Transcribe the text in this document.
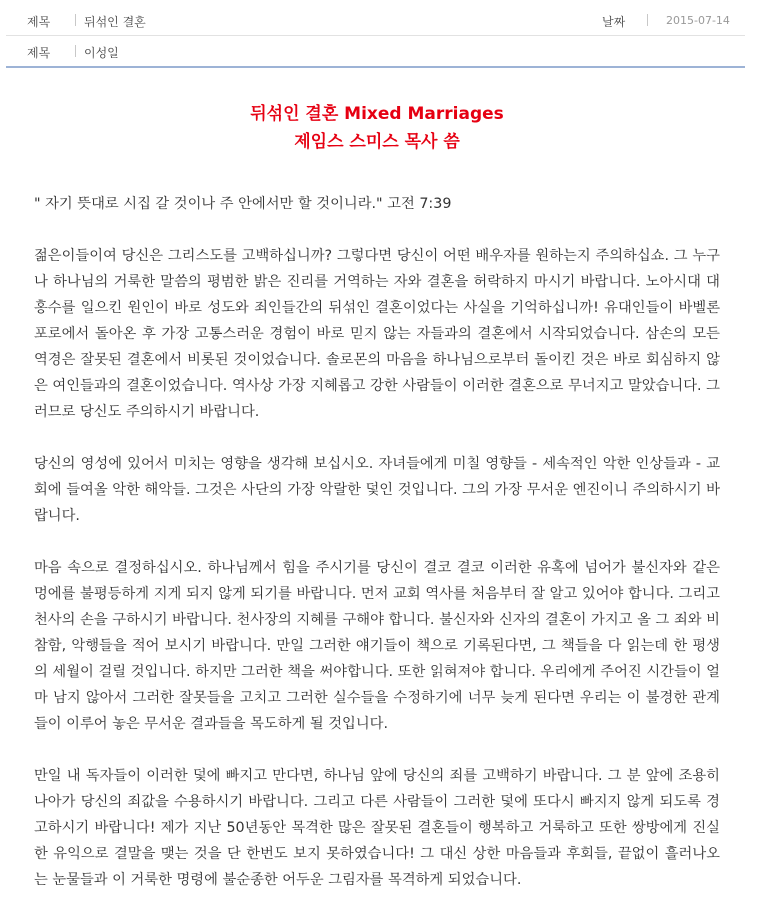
제목	뒤섞인 결혼	날짜	2015-07-14
제목	이성일
뒤섞인 결혼 Mixed Marriages
제임스 스미스 목사 씀

" 자기 뜻대로 시집 갈 것이나 주 안에서만 할 것이니라." 고전 7:39

젊은이들이여 당신은 그리스도를 고백하십니까? 그렇다면 당신이 어떤 배우자를 원하는지 주의하십쇼. 그 누구나 하나님의 거룩한 말씀의 평범한 밝은 진리를 거역하는 자와 결혼을 허락하지 마시기 바랍니다. 노아시대 대홍수를 일으킨 원인이 바로 성도와 죄인들간의 뒤섞인 결혼이었다는 사실을 기억하십니까! 유대인들이 바벨론 포로에서 돌아온 후 가장 고통스러운 경험이 바로 믿지 않는 자들과의 결혼에서 시작되었습니다. 삼손의 모든 역경은 잘못된 결혼에서 비롯된 것이었습니다. 솔로몬의 마음을 하나님으로부터 돌이킨 것은 바로 회심하지 않은 여인들과의 결혼이었습니다. 역사상 가장 지혜롭고 강한 사람들이 이러한 결혼으로 무너지고 말았습니다. 그러므로 당신도 주의하시기 바랍니다.

당신의 영성에 있어서 미치는 영향을 생각해 보십시오. 자녀들에게 미칠 영향들 - 세속적인 악한 인상들과 - 교회에 들여올 악한 해악들. 그것은 사단의 가장 악랄한 덫인 것입니다. 그의 가장 무서운 엔진이니 주의하시기 바랍니다.

마음 속으로 결정하십시오. 하나님께서 힘을 주시기를 당신이 결코 결코 이러한 유혹에 넘어가 불신자와 같은 멍에를 불평등하게 지게 되지 않게 되기를 바랍니다. 먼저 교회 역사를 처음부터 잘 알고 있어야 합니다. 그리고 천사의 손을 구하시기 바랍니다. 천사장의 지혜를 구해야 합니다. 불신자와 신자의 결혼이 가지고 올 그 죄와 비참함, 악행들을 적어 보시기 바랍니다. 만일 그러한 얘기들이 책으로 기록된다면, 그 책들을 다 읽는데 한 평생의 세월이 걸릴 것입니다. 하지만 그러한 책을 써야합니다. 또한 읽혀져야 합니다. 우리에게 주어진 시간들이 얼마 남지 않아서 그러한 잘못들을 고치고 그러한 실수들을 수정하기에 너무 늦게 된다면 우리는 이 불경한 관계들이 이루어 놓은 무서운 결과들을 목도하게 될 것입니다.

만일 내 독자들이 이러한 덫에 빠지고 만다면, 하나님 앞에 당신의 죄를 고백하기 바랍니다. 그 분 앞에 조용히 나아가 당신의 죄값을 수용하시기 바랍니다. 그리고 다른 사람들이 그러한 덫에 또다시 빠지지 않게 되도록 경고하시기 바랍니다! 제가 지난 50년동안 목격한 많은 잘못된 결혼들이 행복하고 거룩하고 또한 쌍방에게 진실한 유익으로 결말을 맺는 것을 단 한번도 보지 못하였습니다! 그 대신 상한 마음들과 후회들, 끝없이 흘러나오는 눈물들과 이 거룩한 명령에 불순종한 어두운 그림자를 목격하게 되었습니다.
